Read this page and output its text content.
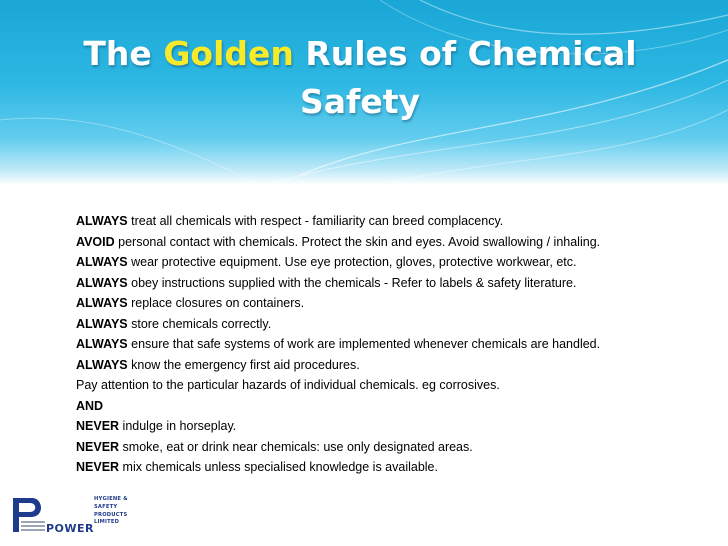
The Golden Rules of Chemical Safety
ALWAYS treat all chemicals with respect - familiarity can breed complacency.
AVOID personal contact with chemicals. Protect the skin and eyes. Avoid swallowing / inhaling.
ALWAYS wear protective equipment. Use eye protection, gloves, protective workwear, etc.
ALWAYS obey instructions supplied with the chemicals - Refer to labels & safety literature.
ALWAYS replace closures on containers.
ALWAYS store chemicals correctly.
ALWAYS ensure that safe systems of work are implemented whenever chemicals are handled.
ALWAYS know the emergency first aid procedures.
Pay attention to the particular hazards of individual chemicals. eg corrosives.
AND
NEVER indulge in horseplay.
NEVER smoke, eat or drink near chemicals: use only designated areas.
NEVER mix chemicals unless specialised knowledge is available.
POWER
HYGIENE &
SAFETY
PRODUCTS
LIMITED
